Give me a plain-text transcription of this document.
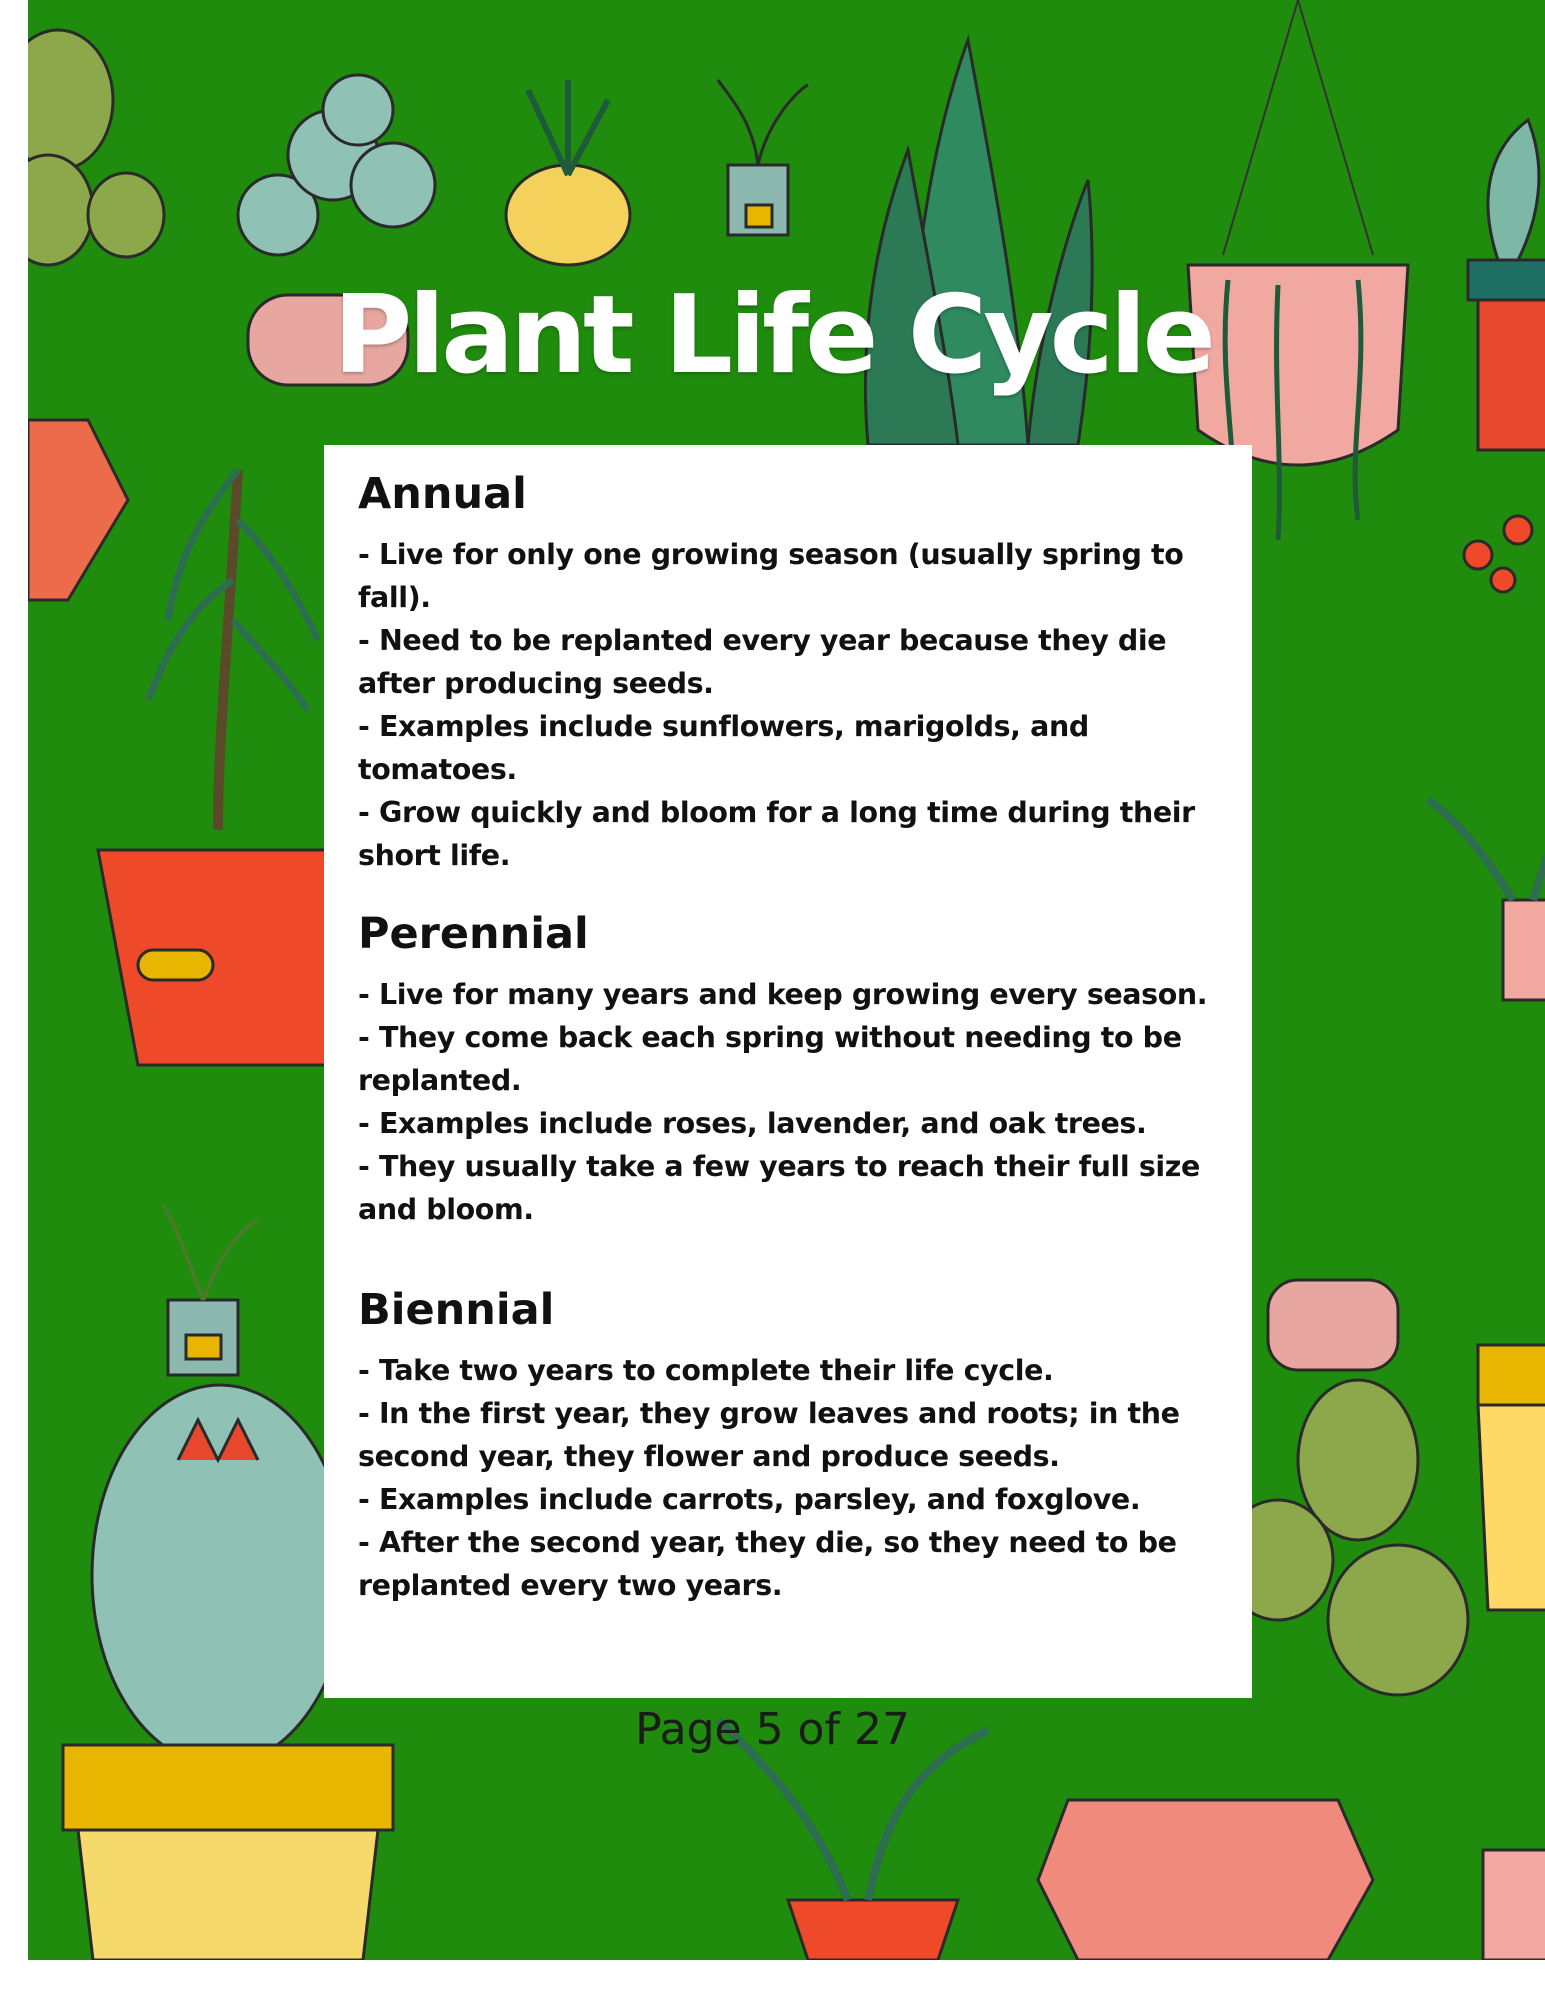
Plant Life Cycle
Annual

- Live for only one growing season (usually spring to fall).

- Need to be replanted every year because they die after producing seeds.

- Examples include sunflowers, marigolds, and tomatoes.

- Grow quickly and bloom for a long time during their short life.

Perennial

- Live for many years and keep growing every season.

- They come back each spring without needing to be replanted.

- Examples include roses, lavender, and oak trees.

- They usually take a few years to reach their full size and bloom.

Biennial

- Take two years to complete their life cycle.

- In the first year, they grow leaves and roots; in the second year, they flower and produce seeds.

- Examples include carrots, parsley, and foxglove.

- After the second year, they die, so they need to be replanted every two years.

Page 5 of 27
